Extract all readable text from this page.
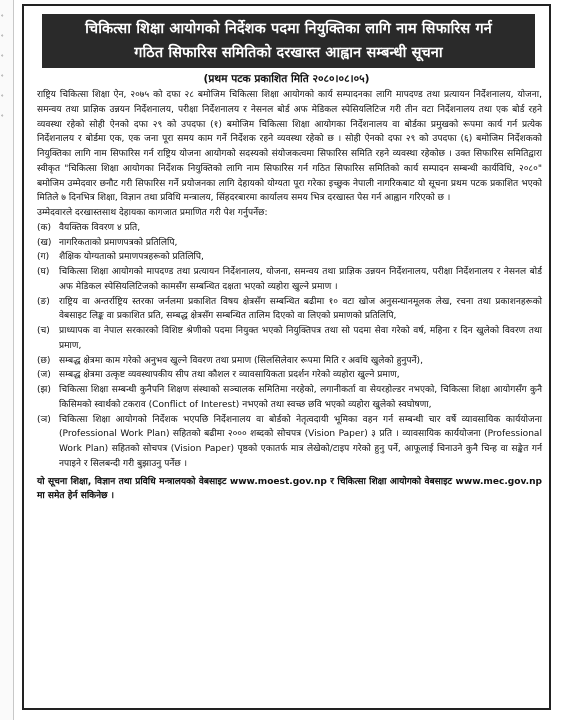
॰
॰
॰
॰
॰
॰
चिकित्सा शिक्षा आयोगको निर्देशक पदमा नियुक्तिका लागि नाम सिफारिस गर्न
गठित सिफारिस समितिको दरखास्त आह्वान सम्बन्धी सूचना
(प्रथम पटक प्रकाशित मिति २०८०।०८।०५)

राष्ट्रिय चिकित्सा शिक्षा ऐन, २०७५ को दफा २८ बमोजिम चिकित्सा शिक्षा आयोगको कार्य सम्पादनका लागि मापदण्ड तथा प्रत्यायन निर्देशनालय, योजना, समन्वय तथा प्राज्ञिक उन्नयन निर्देशनालय, परीक्षा निर्देशनालय र नेसनल बोर्ड अफ मेडिकल स्पेसियलिटिज गरी तीन वटा निर्देशनालय तथा एक बोर्ड रहने व्यवस्था रहेको सोही ऐनको दफा २९ को उपदफा (१) बमोजिम चिकित्सा शिक्षा आयोगका निर्देशनालय वा बोर्डका प्रमुखको रूपमा कार्य गर्न प्रत्येक निर्देशनालय र बोर्डमा एक, एक जना पूरा समय काम गर्ने निर्देशक रहने व्यवस्था रहेको छ । सोही ऐनको दफा २९ को उपदफा (६) बमोजिम निर्देशकको नियुक्तिका लागि नाम सिफारिस गर्न राष्ट्रिय योजना आयोगको सदस्यको संयोजकत्वमा सिफारिस समिति रहने व्यवस्था रहेकोछ । उक्त सिफारिस समितिद्वारा स्वीकृत "चिकित्सा शिक्षा आयोगका निर्देशक नियुक्तिको लागि नाम सिफारिस गर्न गठित सिफारिस समितिको कार्य सम्पादन सम्बन्धी कार्यविधि, २०८०" बमोजिम उम्मेदवार छनौट गरी सिफारिस गर्ने प्रयोजनका लागि देहायको योग्यता पूरा गरेका इच्छुक नेपाली नागरिकबाट यो सूचना प्रथम पटक प्रकाशित भएको मितिले ७ दिनभित्र शिक्षा, विज्ञान तथा प्रविधि मन्त्रालय, सिंहदरबारमा कार्यालय समय भित्र दरखास्त पेस गर्न आह्वान गरिएको छ ।

उम्मेदवारले दरखास्तसाथ देहायका कागजात प्रमाणित गरी पेश गर्नुपर्नेछ:

(क) वैयक्तिक विवरण ४ प्रति,
(ख) नागरिकताको प्रमाणपत्रको प्रतिलिपि,
(ग)	शैक्षिक योग्यताको प्रमाणपत्रहरूको प्रतिलिपि,
(घ)	चिकित्सा शिक्षा आयोगको मापदण्ड तथा प्रत्यायन निर्देशनालय, योजना, समन्वय तथा प्राज्ञिक उन्नयन निर्देशनालय, परीक्षा निर्देशनालय र नेसनल बोर्ड अफ मेडिकल स्पेसियलिटिजको कामसँग सम्बन्धित दक्षता भएको व्यहोरा खुल्ने प्रमाण ।
(ङ)	राष्ट्रिय वा अन्तर्राष्ट्रिय स्तरका जर्नलमा प्रकाशित विषय क्षेत्रसँग सम्बन्धित बढीमा १० वटा खोज अनुसन्धानमूलक लेख, रचना तथा प्रकाशनहरूको वेबसाइट लिङ्क वा प्रकाशित प्रति, सम्बद्ध क्षेत्रसँग सम्बन्धित तालिम दिएको वा लिएको प्रमाणको प्रतिलिपि,
(च)	प्राध्यापक वा नेपाल सरकारको विशिष्ट श्रेणीको पदमा नियुक्त भएको नियुक्तिपत्र तथा सो पदमा सेवा गरेको वर्ष, महिना र दिन खुलेको विवरण तथा प्रमाण,
(छ) सम्बद्ध क्षेत्रमा काम गरेको अनुभव खुल्ने विवरण तथा प्रमाण (सिलसिलेवार रूपमा मिति र अवधि खुलेको हुनुपर्ने),
(ज) सम्बद्ध क्षेत्रमा उत्कृष्ट व्यवस्थापकीय सीप तथा कौशल र व्यावसायिकता प्रदर्शन गरेको व्यहोरा खुल्ने प्रमाण,
(झ) चिकित्सा शिक्षा सम्बन्धी कुनैपनि शिक्षण संस्थाको सञ्चालक समितिमा नरहेको, लगानीकर्ता वा सेयरहोल्डर नभएको, चिकित्सा शिक्षा आयोगसँग कुनै किसिमको स्वार्थको टकराव (Conflict of Interest) नभएको तथा स्वच्छ छवि भएको व्यहोरा खुलेको स्वघोषणा,
(ञ) चिकित्सा शिक्षा आयोगको निर्देशक भएपछि निर्देशनालय वा बोर्डको नेतृत्वदायी भूमिका वहन गर्न सम्बन्धी चार वर्षे व्यावसायिक कार्ययोजना (Professional Work Plan) सहितको बढीमा २००० शब्दको सोचपत्र (Vision Paper) ३ प्रति । व्यावसायिक कार्ययोजना (Professional Work Plan) सहितको सोचपत्र (Vision Paper) पृष्ठको एकातर्फ मात्र लेखेको/टाइप गरेको हुनु पर्ने, आफूलाई चिनाउने कुनै चिन्ह वा सङ्केत गर्न नपाइने र सिलबन्दी गरी बुझाउनु पर्नेछ ।

यो सूचना शिक्षा, विज्ञान तथा प्रविधि मन्त्रालयको वेबसाइट www.moest.gov.np र चिकित्सा शिक्षा आयोगको वेबसाइट www.mec.gov.np मा समेत हेर्न सकिनेछ ।
